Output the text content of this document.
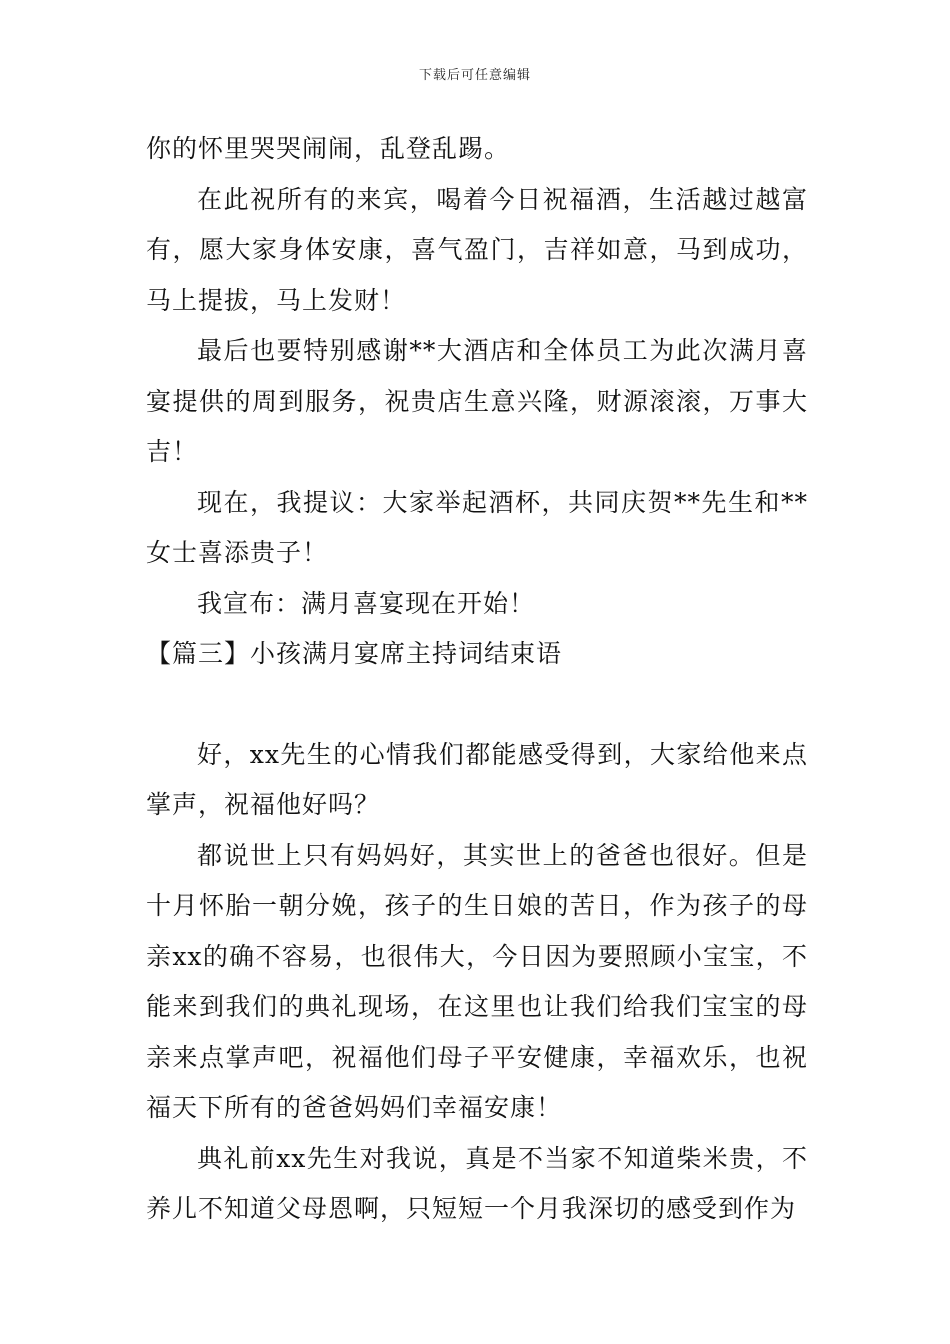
下载后可任意编辑

你的怀里哭哭闹闹，乱登乱踢。

在此祝所有的来宾，喝着今日祝福酒，生活越过越富有，愿大家身体安康，喜气盈门，吉祥如意，马到成功，马上提拔，马上发财！

最后也要特别感谢**大酒店和全体员工为此次满月喜宴提供的周到服务，祝贵店生意兴隆，财源滚滚，万事大吉！

现在，我提议：大家举起酒杯，共同庆贺**先生和**女士喜添贵子！

我宣布：满月喜宴现在开始！

【篇三】小孩满月宴席主持词结束语

好，xx先生的心情我们都能感受得到，大家给他来点掌声，祝福他好吗？

都说世上只有妈妈好，其实世上的爸爸也很好。但是十月怀胎一朝分娩，孩子的生日娘的苦日，作为孩子的母亲xx的确不容易，也很伟大，今日因为要照顾小宝宝，不能来到我们的典礼现场，在这里也让我们给我们宝宝的母亲来点掌声吧，祝福他们母子平安健康，幸福欢乐，也祝福天下所有的爸爸妈妈们幸福安康！

典礼前xx先生对我说，真是不当家不知道柴米贵，不养儿不知道父母恩啊，只短短一个月我深切的感受到作为
